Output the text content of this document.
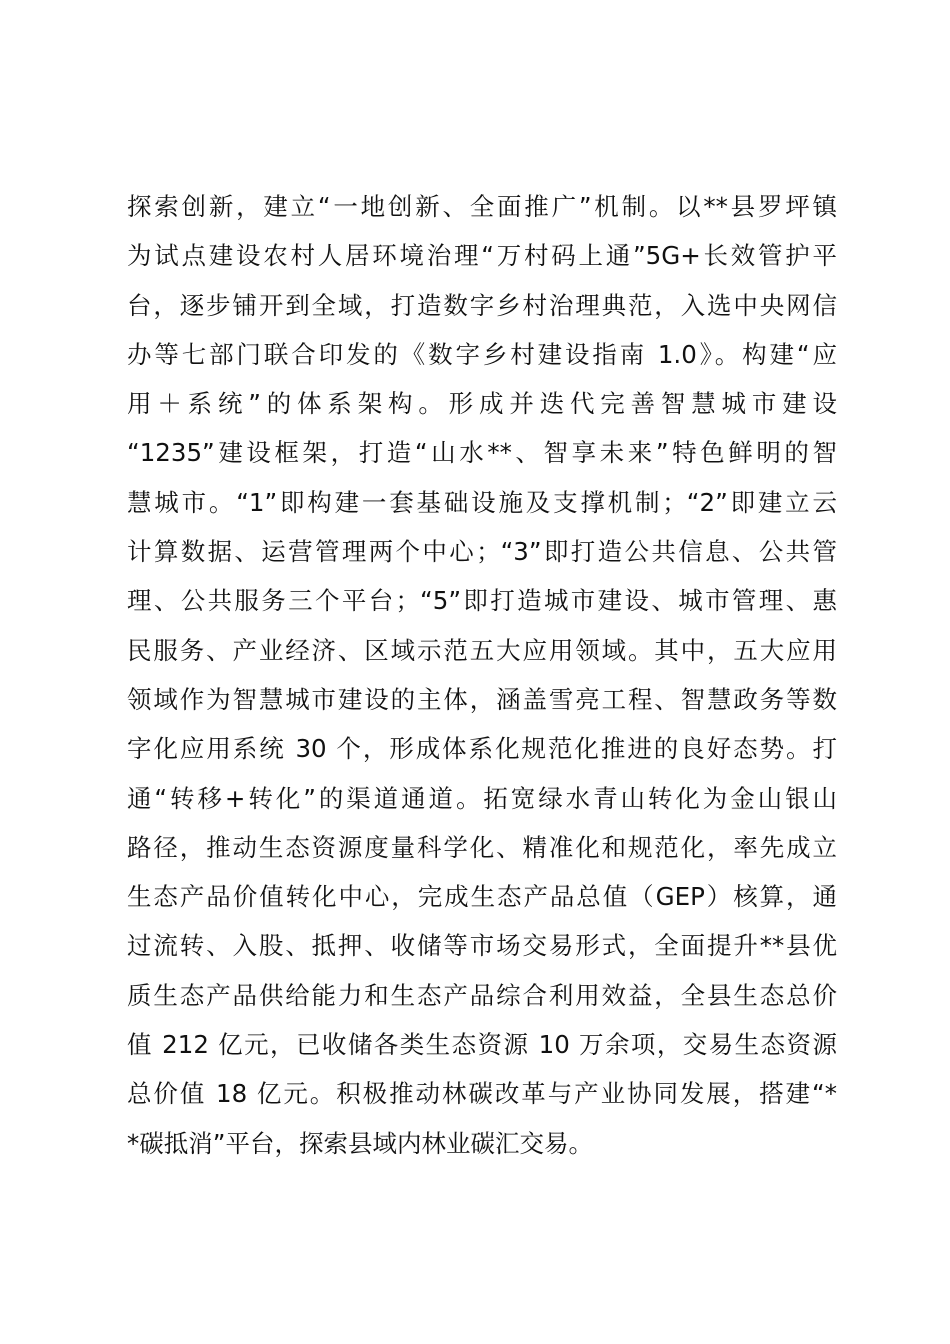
探索创新，建立“一地创新、全面推广”机制。以**县罗坪镇
为试点建设农村人居环境治理“万村码上通”5G+长效管护平
台，逐步铺开到全域，打造数字乡村治理典范，入选中央网信
办等七部门联合印发的《数字乡村建设指南 1.0》。构建“应
用＋系统”的体系架构。形成并迭代完善智慧城市建设
“1235”建设框架，打造“山水**、智享未来”特色鲜明的智
慧城市。“1”即构建一套基础设施及支撑机制；“2”即建立云
计算数据、运营管理两个中心；“3”即打造公共信息、公共管
理、公共服务三个平台；“5”即打造城市建设、城市管理、惠
民服务、产业经济、区域示范五大应用领域。其中，五大应用
领域作为智慧城市建设的主体，涵盖雪亮工程、智慧政务等数
字化应用系统 30 个，形成体系化规范化推进的良好态势。打
通“转移+转化”的渠道通道。拓宽绿水青山转化为金山银山
路径，推动生态资源度量科学化、精准化和规范化，率先成立
生态产品价值转化中心，完成生态产品总值（GEP）核算，通
过流转、入股、抵押、收储等市场交易形式，全面提升**县优
质生态产品供给能力和生态产品综合利用效益，全县生态总价
值 212 亿元，已收储各类生态资源 10 万余项，交易生态资源
总价值 18 亿元。积极推动林碳改革与产业协同发展，搭建“*
*碳抵消”平台，探索县域内林业碳汇交易。
